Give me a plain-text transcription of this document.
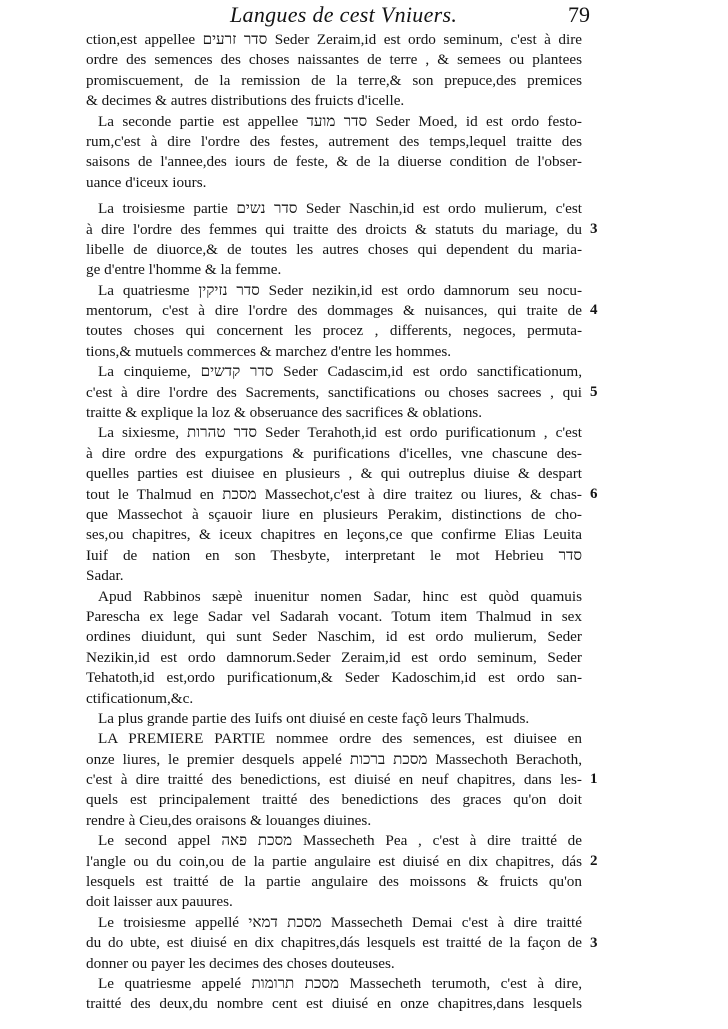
Langues de cest Vniuers.	79
ction,est appellee סדר זרעים Seder Zeraim,id est ordo seminum, c'est à dire
ordre des semences des choses naissantes de terre , & semees ou plantees
promiscuement, de la remission de la terre,& son prepuce,des premices
& decimes & autres distributions des fruicts d'icelle.
La seconde partie est appellee סדר מועד Seder Moed, id est ordo festo-
rum,c'est à dire l'ordre des festes, autrement des temps,lequel traitte des
saisons de l'annee,des iours de feste, & de la diuerse condition de l'obser-
uance d'iceux iours.
La troisiesme partie סדר נשים Seder Naschin,id est ordo mulierum, c'est
à dire l'ordre des femmes qui traitte des droicts & statuts du mariage, du
libelle de diuorce,& de toutes les autres choses qui dependent du maria-
ge d'entre l'homme & la femme.
La quatriesme סדר נזיקין Seder nezikin,id est ordo damnorum seu nocu-
mentorum, c'est à dire l'ordre des dommages & nuisances, qui traite de
toutes choses qui concernent les procez , differents, negoces, permuta-
tions,& mutuels commerces & marchez d'entre les hommes.
La cinquieme, סדר קדשים Seder Cadascim,id est ordo sanctificationum,
c'est à dire l'ordre des Sacrements, sanctifications ou choses sacrees , qui
traitte & explique la loz & obseruance des sacrifices & oblations.
La sixiesme, סדר טהרות Seder Terahoth,id est ordo purificationum , c'est
à dire ordre des expurgations & purifications d'icelles, vne chascune des-
quelles parties est diuisee en plusieurs , & qui outreplus diuise & despart
tout le Thalmud en מסכת Massechot,c'est à dire traitez ou liures, & chas-
que Massechot à sçauoir liure en plusieurs Perakim, distinctions de cho-
ses,ou chapitres, & iceux chapitres en leçons,ce que confirme Elias Leuita
Iuif de nation en son Thesbyte, interpretant le mot Hebrieu סדר
Sadar.
Apud Rabbinos sæpè inuenitur nomen Sadar, hinc est quòd quamuis
Parescha ex lege Sadar vel Sadarah vocant. Totum item Thalmud in sex
ordines diuidunt, qui sunt Seder Naschim, id est ordo mulierum, Seder
Nezikin,id est ordo damnorum.Seder Zeraim,id est ordo seminum, Seder
Tehatoth,id est,ordo purificationum,& Seder Kadoschim,id est ordo san-
ctificationum,&c.
La plus grande partie des Iuifs ont diuisé en ceste façõ leurs Thalmuds.
LA PREMIERE PARTIE nommee ordre des semences, est diuisee en
onze liures, le premier desquels appelé מסכת ברכות Massechoth Berachoth,
c'est à dire traitté des benedictions, est diuisé en neuf chapitres, dans les-
quels est principalement traitté des benedictions des graces qu'on doit
rendre à Cieu,des oraisons & louanges diuines.
Le second appel מסכת פאה Massecheth Pea , c'est à dire traitté de
l'angle ou du coin,ou de la partie angulaire est diuisé en dix chapitres, dás
lesquels est traitté de la partie angulaire des moissons & fruicts qu'on
doit laisser aux pauures.
Le troisiesme appellé מסכת דמאי Massecheth Demai c'est à dire traitté
du do ubte, est diuisé en dix chapitres,dás lesquels est traitté de la façon de
donner ou payer les decimes des choses douteuses.
Le quatriesme appelé מסכת תרומות Massecheth terumoth, c'est à dire,
traitté des deux,du nombre cent est diuisé en onze chapitres,dans lesquels
3
4
5
6
1
2
3
